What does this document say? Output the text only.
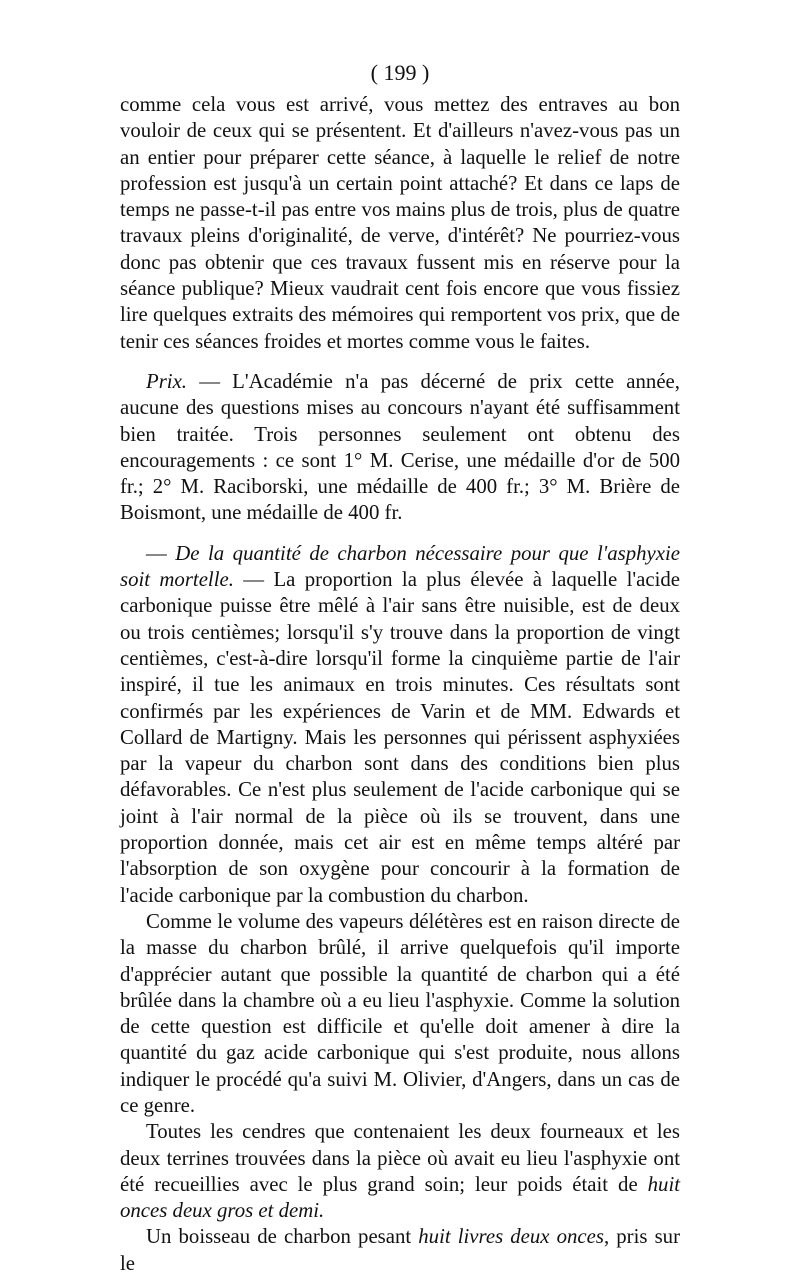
( 199 )

comme cela vous est arrivé, vous mettez des entraves au bon vouloir de ceux qui se présentent. Et d'ailleurs n'avez-vous pas un an entier pour préparer cette séance, à laquelle le relief de notre profession est jusqu'à un certain point attaché? Et dans ce laps de temps ne passe-t-il pas entre vos mains plus de trois, plus de quatre travaux pleins d'originalité, de verve, d'intérêt? Ne pourriez-vous donc pas obtenir que ces travaux fussent mis en réserve pour la séance publique? Mieux vaudrait cent fois encore que vous fissiez lire quelques extraits des mémoires qui remportent vos prix, que de tenir ces séances froides et mortes comme vous le faites.

Prix. — L'Académie n'a pas décerné de prix cette année, aucune des questions mises au concours n'ayant été suffisamment bien traitée. Trois personnes seulement ont obtenu des encouragements : ce sont 1° M. Cerise, une médaille d'or de 500 fr.; 2° M. Raciborski, une médaille de 400 fr.; 3° M. Brière de Boismont, une médaille de 400 fr.

— De la quantité de charbon nécessaire pour que l'asphyxie soit mortelle. — La proportion la plus élevée à laquelle l'acide carbonique puisse être mêlé à l'air sans être nuisible, est de deux ou trois centièmes; lorsqu'il s'y trouve dans la proportion de vingt centièmes, c'est-à-dire lorsqu'il forme la cinquième partie de l'air inspiré, il tue les animaux en trois minutes. Ces résultats sont confirmés par les expériences de Varin et de MM. Edwards et Collard de Martigny. Mais les personnes qui périssent asphyxiées par la vapeur du charbon sont dans des conditions bien plus défavorables. Ce n'est plus seulement de l'acide carbonique qui se joint à l'air normal de la pièce où ils se trouvent, dans une proportion donnée, mais cet air est en même temps altéré par l'absorption de son oxygène pour concourir à la formation de l'acide carbonique par la combustion du charbon.

Comme le volume des vapeurs délétères est en raison directe de la masse du charbon brûlé, il arrive quelquefois qu'il importe d'apprécier autant que possible la quantité de charbon qui a été brûlée dans la chambre où a eu lieu l'asphyxie. Comme la solution de cette question est difficile et qu'elle doit amener à dire la quantité du gaz acide carbonique qui s'est produite, nous allons indiquer le procédé qu'a suivi M. Olivier, d'Angers, dans un cas de ce genre.

Toutes les cendres que contenaient les deux fourneaux et les deux terrines trouvées dans la pièce où avait eu lieu l'asphyxie ont été recueillies avec le plus grand soin; leur poids était de huit onces deux gros et demi.

Un boisseau de charbon pesant huit livres deux onces, pris sur le
